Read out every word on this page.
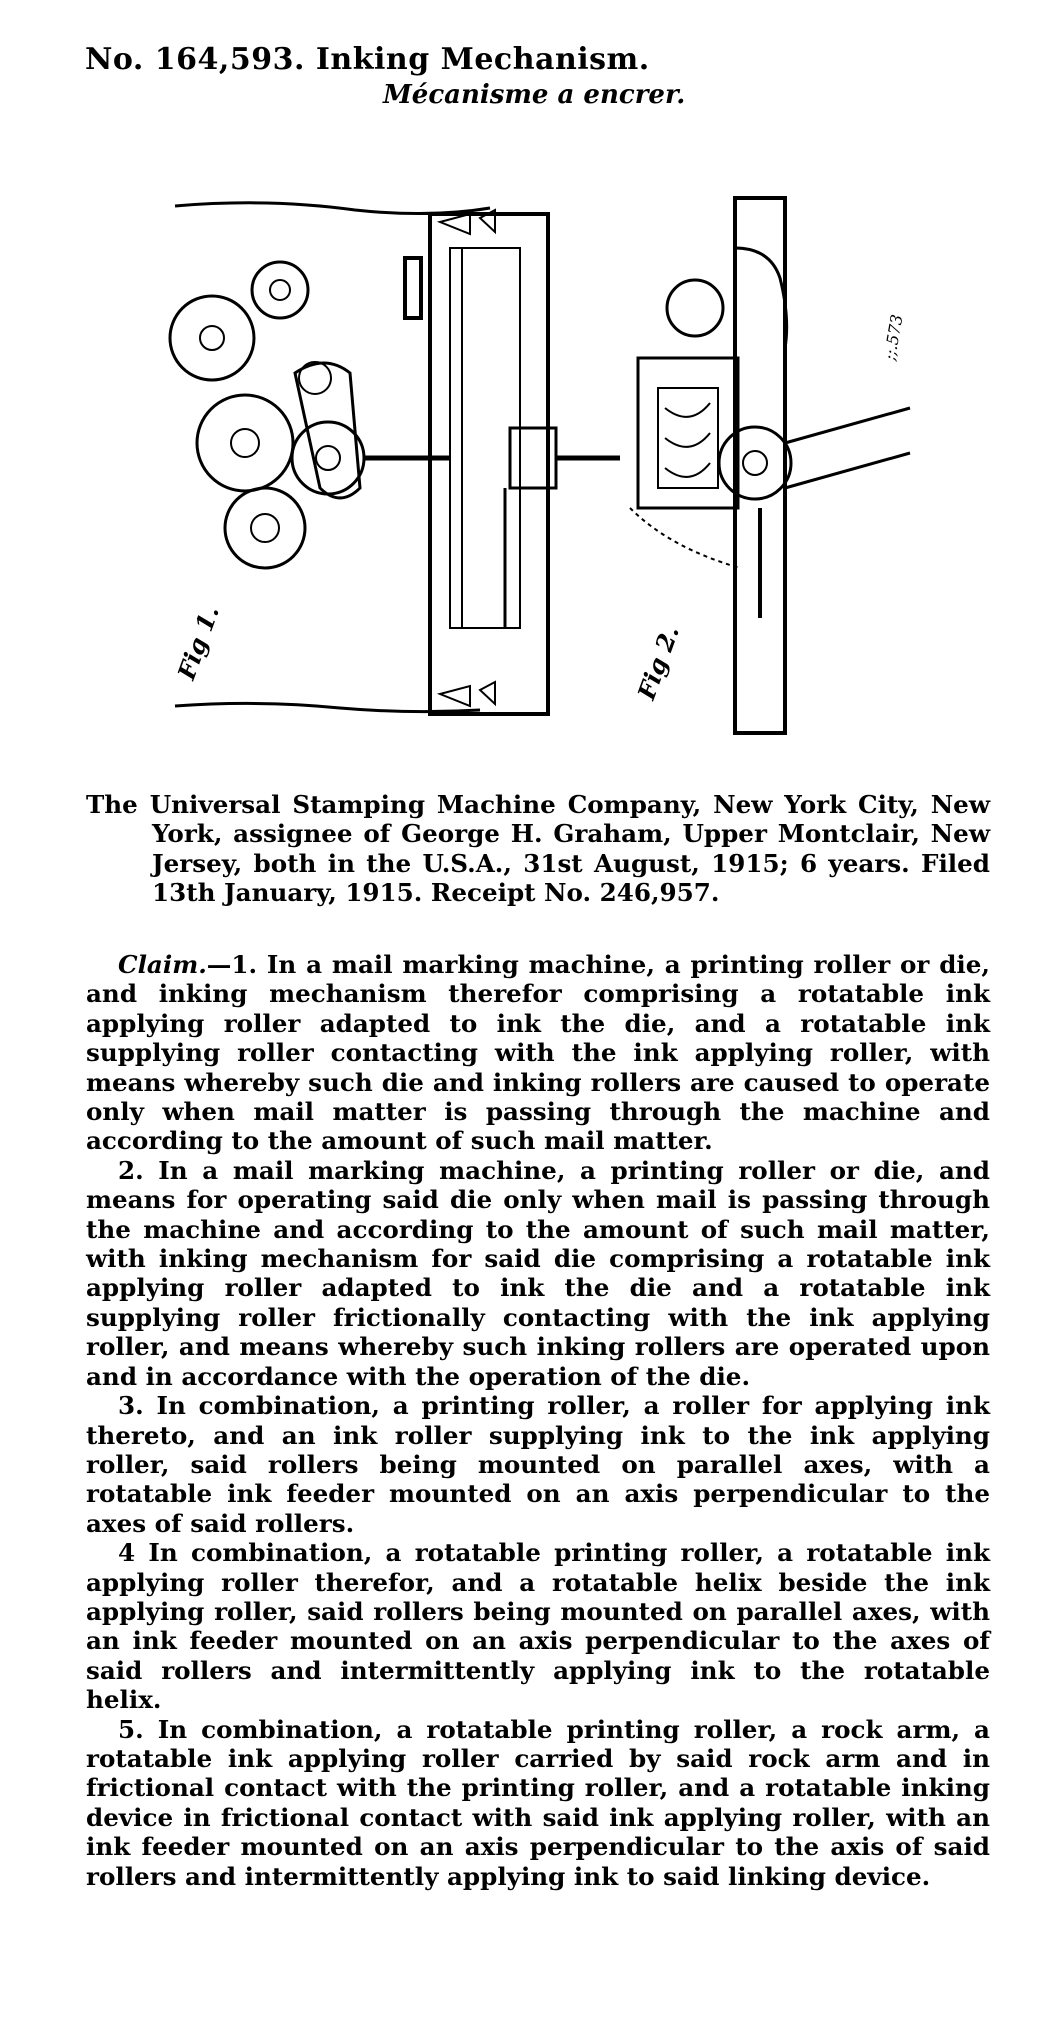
No. 164,593. Inking Mechanism.
Mécanisme a encrer.
Fig 1.	Fig 2.
;;.573

The Universal Stamping Machine Company, New York City, New York, assignee of George H. Graham, Upper Montclair, New Jersey, both in the U.S.A., 31st August, 1915; 6 years. Filed 13th January, 1915. Receipt No. 246,957.

Claim.—1. In a mail marking machine, a printing roller or die, and inking mechanism therefor comprising a rotatable ink applying roller adapted to ink the die, and a rotatable ink supplying roller contacting with the ink applying roller, with means whereby such die and inking rollers are caused to operate only when mail matter is passing through the machine and according to the amount of such mail matter.

2. In a mail marking machine, a printing roller or die, and means for operating said die only when mail is passing through the machine and according to the amount of such mail matter, with inking mechanism for said die comprising a rotatable ink applying roller adapted to ink the die and a rotatable ink supplying roller frictionally contacting with the ink applying roller, and means whereby such inking rollers are operated upon and in accordance with the operation of the die.

3. In combination, a printing roller, a roller for applying ink thereto, and an ink roller supplying ink to the ink applying roller, said rollers being mounted on parallel axes, with a rotatable ink feeder mounted on an axis perpendicular to the axes of said rollers.

4 In combination, a rotatable printing roller, a rotatable ink applying roller therefor, and a rotatable helix beside the ink applying roller, said rollers being mounted on parallel axes, with an ink feeder mounted on an axis perpendicular to the axes of said rollers and intermittently applying ink to the rotatable helix.

5. In combination, a rotatable printing roller, a rock arm, a rotatable ink applying roller carried by said rock arm and in frictional contact with the printing roller, and a rotatable inking device in frictional contact with said ink applying roller, with an ink feeder mounted on an axis perpendicular to the axis of said rollers and intermittently applying ink to said linking device.
